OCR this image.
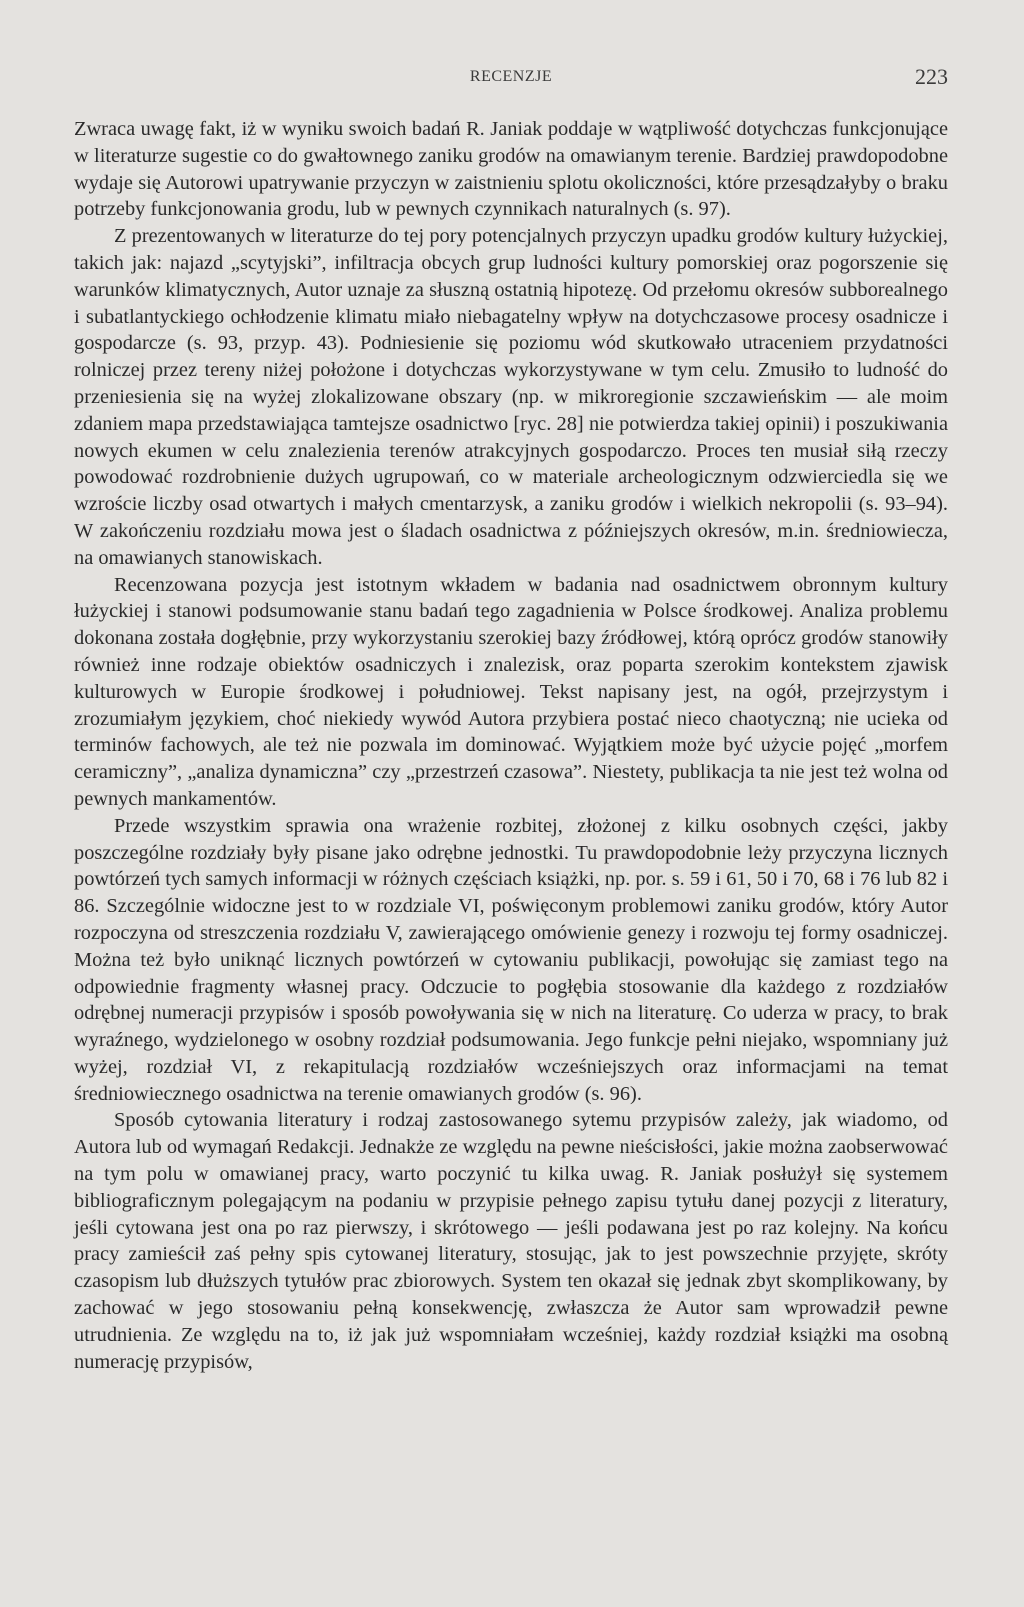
RECENZJE	223

Zwraca uwagę fakt, iż w wyniku swoich badań R. Janiak poddaje w wątpliwość dotychczas funkcjonujące w literaturze sugestie co do gwałtownego zaniku grodów na omawianym terenie. Bardziej prawdopodobne wydaje się Autorowi upatrywanie przyczyn w zaistnieniu splotu okoliczności, które przesądzałyby o braku potrzeby funkcjonowania grodu, lub w pewnych czynnikach naturalnych (s. 97).

Z prezentowanych w literaturze do tej pory potencjalnych przyczyn upadku grodów kultury łużyckiej, takich jak: najazd „scytyjski”, infiltracja obcych grup ludności kultury pomorskiej oraz pogorszenie się warunków klimatycznych, Autor uznaje za słuszną ostatnią hipotezę. Od przełomu okresów subborealnego i subatlantyckiego ochłodzenie klimatu miało niebagatelny wpływ na dotychczasowe procesy osadnicze i gospodarcze (s. 93, przyp. 43). Podniesienie się poziomu wód skutkowało utraceniem przydatności rolniczej przez tereny niżej położone i dotychczas wykorzystywane w tym celu. Zmusiło to ludność do przeniesienia się na wyżej zlokalizowane obszary (np. w mikroregionie szczawieńskim — ale moim zdaniem mapa przedstawiająca tamtejsze osadnictwo [ryc. 28] nie potwierdza takiej opinii) i poszukiwania nowych ekumen w celu znalezienia terenów atrakcyjnych gospodarczo. Proces ten musiał siłą rzeczy powodować rozdrobnienie dużych ugrupowań, co w materiale archeologicznym odzwierciedla się we wzroście liczby osad otwartych i małych cmentarzysk, a zaniku grodów i wielkich nekropolii (s. 93–94). W zakończeniu rozdziału mowa jest o śladach osadnictwa z późniejszych okresów, m.in. średniowiecza, na omawianych stanowiskach.

Recenzowana pozycja jest istotnym wkładem w badania nad osadnictwem obronnym kultury łużyckiej i stanowi podsumowanie stanu badań tego zagadnienia w Polsce środkowej. Analiza problemu dokonana została dogłębnie, przy wykorzystaniu szerokiej bazy źródłowej, którą oprócz grodów stanowiły również inne rodzaje obiektów osadniczych i znalezisk, oraz poparta szerokim kontekstem zjawisk kulturowych w Europie środkowej i południowej. Tekst napisany jest, na ogół, przejrzystym i zrozumiałym językiem, choć niekiedy wywód Autora przybiera postać nieco chaotyczną; nie ucieka od terminów fachowych, ale też nie pozwala im dominować. Wyjątkiem może być użycie pojęć „morfem ceramiczny”, „analiza dynamiczna” czy „przestrzeń czasowa”. Niestety, publikacja ta nie jest też wolna od pewnych mankamentów.

Przede wszystkim sprawia ona wrażenie rozbitej, złożonej z kilku osobnych części, jakby poszczególne rozdziały były pisane jako odrębne jednostki. Tu prawdopodobnie leży przyczyna licznych powtórzeń tych samych informacji w różnych częściach książki, np. por. s. 59 i 61, 50 i 70, 68 i 76 lub 82 i 86. Szczególnie widoczne jest to w rozdziale VI, poświęconym problemowi zaniku grodów, który Autor rozpoczyna od streszczenia rozdziału V, zawierającego omówienie genezy i rozwoju tej formy osadniczej. Można też było uniknąć licznych powtórzeń w cytowaniu publikacji, powołując się zamiast tego na odpowiednie fragmenty własnej pracy. Odczucie to pogłębia stosowanie dla każdego z rozdziałów odrębnej numeracji przypisów i sposób powoływania się w nich na literaturę. Co uderza w pracy, to brak wyraźnego, wydzielonego w osobny rozdział podsumowania. Jego funkcje pełni niejako, wspomniany już wyżej, rozdział VI, z rekapitulacją rozdziałów wcześniejszych oraz informacjami na temat średniowiecznego osadnictwa na terenie omawianych grodów (s. 96).

Sposób cytowania literatury i rodzaj zastosowanego sytemu przypisów zależy, jak wiadomo, od Autora lub od wymagań Redakcji. Jednakże ze względu na pewne nieścisłości, jakie można zaobserwować na tym polu w omawianej pracy, warto poczynić tu kilka uwag. R. Janiak posłużył się systemem bibliograficznym polegającym na podaniu w przypisie pełnego zapisu tytułu danej pozycji z literatury, jeśli cytowana jest ona po raz pierwszy, i skrótowego — jeśli podawana jest po raz kolejny. Na końcu pracy zamieścił zaś pełny spis cytowanej literatury, stosując, jak to jest powszechnie przyjęte, skróty czasopism lub dłuższych tytułów prac zbiorowych. System ten okazał się jednak zbyt skomplikowany, by zachować w jego stosowaniu pełną konsekwencję, zwłaszcza że Autor sam wprowadził pewne utrudnienia. Ze względu na to, iż jak już wspomniałam wcześniej, każdy rozdział książki ma osobną numerację przypisów,
